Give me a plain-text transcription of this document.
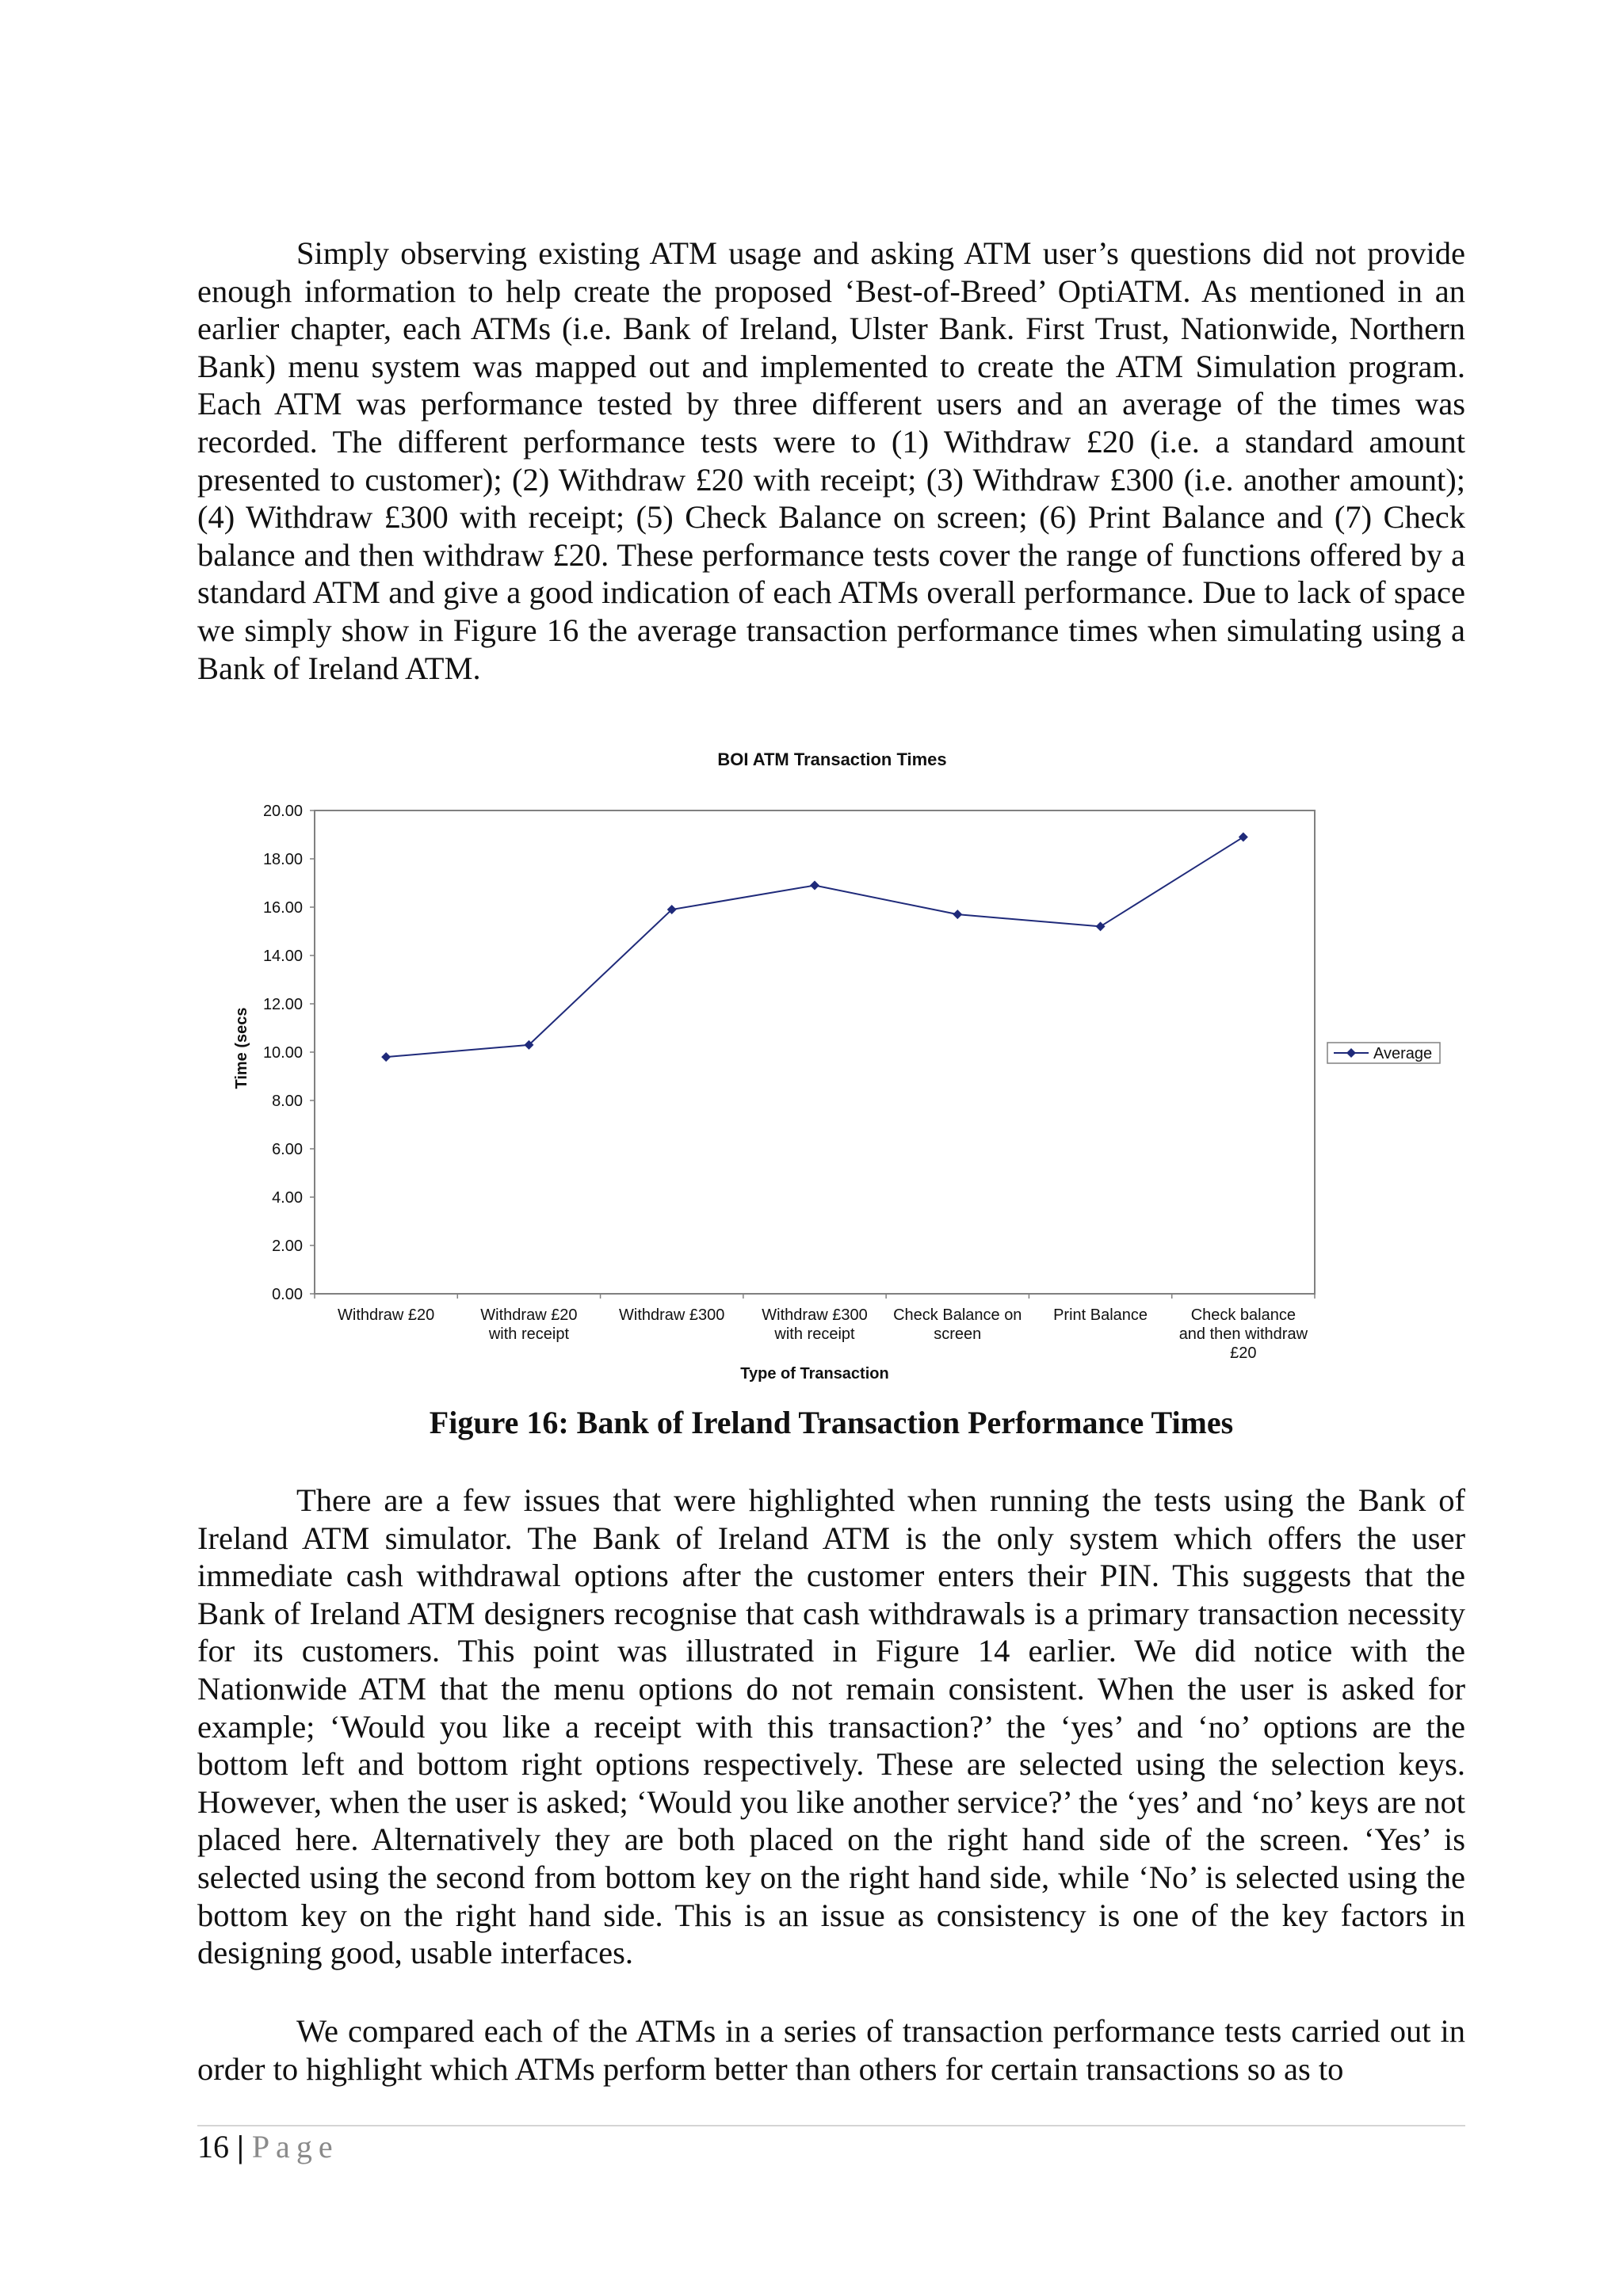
Simply observing existing ATM usage and asking ATM user’s questions did not provide enough information to help create the proposed ‘Best-of-Breed’ OptiATM. As mentioned in an earlier chapter, each ATMs (i.e. Bank of Ireland, Ulster Bank. First Trust, Nationwide, Northern Bank) menu system was mapped out and implemented to create the ATM Simulation program. Each ATM was performance tested by three different users and an average of the times was recorded. The different performance tests were to (1) Withdraw £20 (i.e. a standard amount presented to customer); (2) Withdraw £20 with receipt; (3) Withdraw £300 (i.e. another amount); (4) Withdraw £300 with receipt; (5) Check Balance on screen; (6) Print Balance and (7) Check balance and then withdraw £20. These performance tests cover the range of functions offered by a standard ATM and give a good indication of each ATMs overall performance. Due to lack of space we simply show in Figure 16 the average transaction performance times when simulating using a Bank of Ireland ATM.

BOI ATM Transaction Times
0.00
2.00
4.00
6.00
8.00
10.00
12.00
14.00
16.00
18.00
20.00
Withdraw £20	Withdraw £20 with receipt
Withdraw £300 Withdraw £300 with receipt
Check Balance on screen
Print Balance	Check balance and then withdraw £20
Time (secs
Type of Transaction
Average

Figure 16: Bank of Ireland Transaction Performance Times

There are a few issues that were highlighted when running the tests using the Bank of Ireland ATM simulator. The Bank of Ireland ATM is the only system which offers the user immediate cash withdrawal options after the customer enters their PIN. This suggests that the Bank of Ireland ATM designers recognise that cash withdrawals is a primary transaction necessity for its customers. This point was illustrated in Figure 14 earlier. We did notice with the Nationwide ATM that the menu options do not remain consistent. When the user is asked for example; ‘Would you like a receipt with this transaction?’ the ‘yes’ and ‘no’ options are the bottom left and bottom right options respectively. These are selected using the selection keys. However, when the user is asked; ‘Would you like another service?’ the ‘yes’ and ‘no’ keys are not placed here. Alternatively they are both placed on the right hand side of the screen. ‘Yes’ is selected using the second from bottom key on the right hand side, while ‘No’ is selected using the bottom key on the right hand side. This is an issue as consistency is one of the key factors in designing good, usable interfaces.

We compared each of the ATMs in a series of transaction performance tests carried out in order to highlight which ATMs perform better than others for certain transactions so as to

16 | Page
